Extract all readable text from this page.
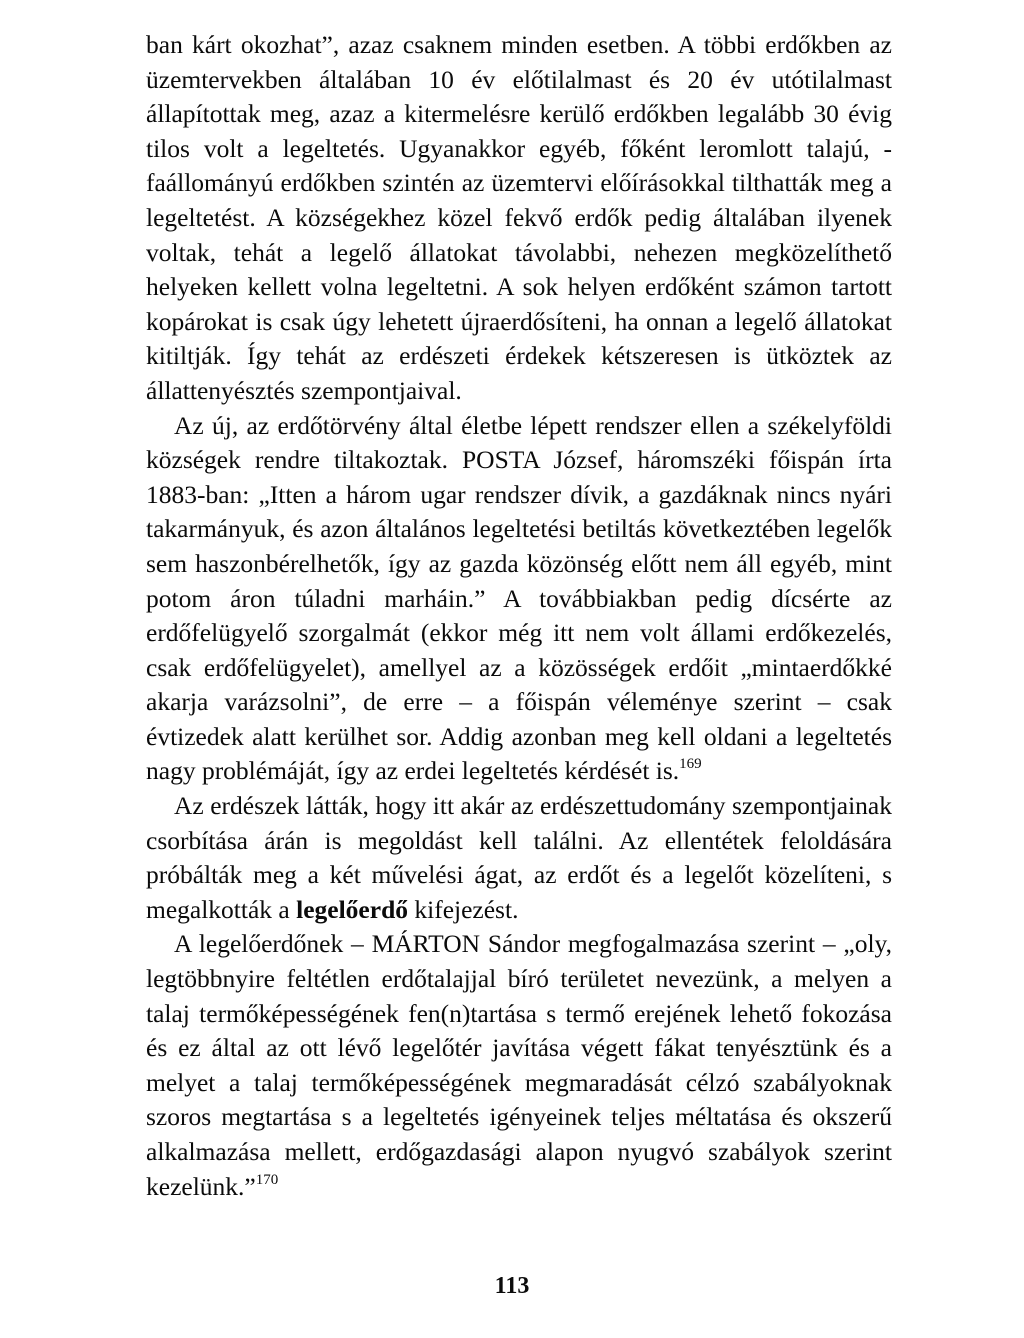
ban kárt okozhat”, azaz csaknem minden esetben. A többi erdőkben az üzemtervekben általában 10 év előtilalmast és 20 év utótilalmast állapítottak meg, azaz a kitermelésre kerülő erdőkben legalább 30 évig tilos volt a legeltetés. Ugyanakkor egyéb, főként leromlott talajú, -faállományú erdőkben szintén az üzemtervi előírásokkal tilthatták meg a legeltetést. A községekhez közel fekvő erdők pedig általában ilyenek voltak, tehát a legelő állatokat távolabbi, nehezen megközelíthető helyeken kellett volna legeltetni. A sok helyen erdőként számon tartott kopárokat is csak úgy lehetett újraerdősíteni, ha onnan a legelő állatokat kitiltják. Így tehát az erdészeti érdekek kétszeresen is ütköztek az állattenyésztés szempontjaival.

Az új, az erdőtörvény által életbe lépett rendszer ellen a székelyföldi községek rendre tiltakoztak. POSTA József, háromszéki főispán írta 1883-ban: „Itten a három ugar rendszer dívik, a gazdáknak nincs nyári takarmányuk, és azon általános legeltetési betiltás következtében legelők sem haszonbérelhetők, így az gazda közönség előtt nem áll egyéb, mint potom áron túladni marháin.” A továbbiakban pedig dícsérte az erdőfelügyelő szorgalmát (ekkor még itt nem volt állami erdőkezelés, csak erdőfelügyelet), amellyel az a közösségek erdőit „mintaerdőkké akarja varázsolni”, de erre – a főispán véleménye szerint – csak évtizedek alatt kerülhet sor. Addig azonban meg kell oldani a legeltetés nagy problémáját, így az erdei legeltetés kérdését is.$^{169}$

Az erdészek látták, hogy itt akár az erdészettudomány szempontjainak csorbítása árán is megoldást kell találni. Az ellentétek feloldására próbálták meg a két művelési ágat, az erdőt és a legelőt közelíteni, s megalkották a legelőerdő kifejezést.

A legelőerdőnek – MÁRTON Sándor megfogalmazása szerint – „oly, legtöbbnyire feltétlen erdőtalajjal bíró területet nevezünk, a melyen a talaj termőképességének fen(n)tartása s termő erejének lehető fokozása és ez által az ott lévő legelőtér javítása végett fákat tenyésztünk és a melyet a talaj termőképességének megmaradását célzó szabályoknak szoros megtartása s a legeltetés igényeinek teljes méltatása és okszerű alkalmazása mellett, erdőgazdasági alapon nyugvó szabályok szerint kezelünk.”$^{170}$

113
